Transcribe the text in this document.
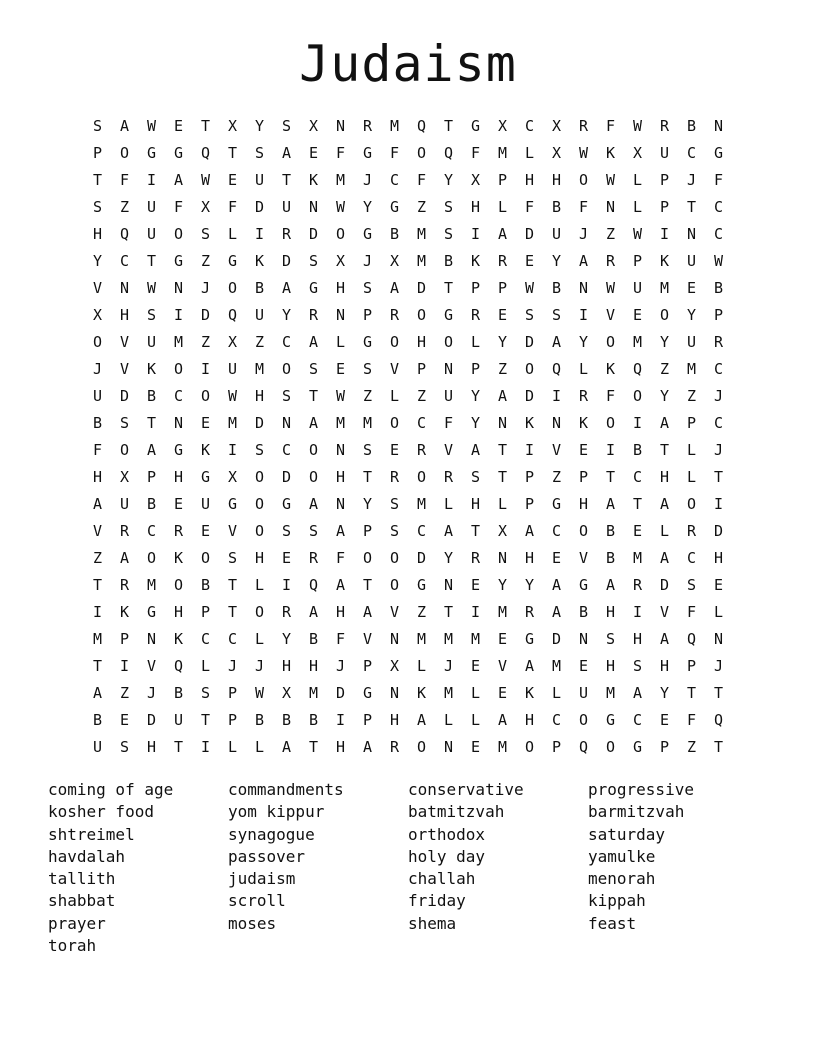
Judaism
S	A	W	E	T	X	Y	S	X	N	R	M	Q	T	G	X	C	X	R	F	W	R	B	N
P	O	G	G	Q	T	S	A	E	F	G	F	O	Q	F	M	L	X	W	K	X	U	C	G
T	F	I	A	W	E	U	T	K	M	J	C	F	Y	X	P	H	H	O	W	L	P	J	F
S	Z	U	F	X	F	D	U	N	W	Y	G	Z	S	H	L	F	B	F	N	L	P	T	C
H	Q	U	O	S	L	I	R	D	O	G	B	M	S	I	A	D	U	J	Z	W	I	N	C
Y	C	T	G	Z	G	K	D	S	X	J	X	M	B	K	R	E	Y	A	R	P	K	U	W
V	N	W	N	J	O	B	A	G	H	S	A	D	T	P	P	W	B	N	W	U	M	E	B
X	H	S	I	D	Q	U	Y	R	N	P	R	O	G	R	E	S	S	I	V	E	O	Y	P
O	V	U	M	Z	X	Z	C	A	L	G	O	H	O	L	Y	D	A	Y	O	M	Y	U	R
J	V	K	O	I	U	M	O	S	E	S	V	P	N	P	Z	O	Q	L	K	Q	Z	M	C
U	D	B	C	O	W	H	S	T	W	Z	L	Z	U	Y	A	D	I	R	F	O	Y	Z	J
B	S	T	N	E	M	D	N	A	M	M	O	C	F	Y	N	K	N	K	O	I	A	P	C
F	O	A	G	K	I	S	C	O	N	S	E	R	V	A	T	I	V	E	I	B	T	L	J
H	X	P	H	G	X	O	D	O	H	T	R	O	R	S	T	P	Z	P	T	C	H	L	T
A	U	B	E	U	G	O	G	A	N	Y	S	M	L	H	L	P	G	H	A	T	A	O	I
V	R	C	R	E	V	O	S	S	A	P	S	C	A	T	X	A	C	O	B	E	L	R	D
Z	A	O	K	O	S	H	E	R	F	O	O	D	Y	R	N	H	E	V	B	M	A	C	H
T	R	M	O	B	T	L	I	Q	A	T	O	G	N	E	Y	Y	A	G	A	R	D	S	E
I	K	G	H	P	T	O	R	A	H	A	V	Z	T	I	M	R	A	B	H	I	V	F	L
M	P	N	K	C	C	L	Y	B	F	V	N	M	M	M	E	G	D	N	S	H	A	Q	N
T	I	V	Q	L	J	J	H	H	J	P	X	L	J	E	V	A	M	E	H	S	H	P	J
A	Z	J	B	S	P	W	X	M	D	G	N	K	M	L	E	K	L	U	M	A	Y	T	T
B	E	D	U	T	P	B	B	B	I	P	H	A	L	L	A	H	C	O	G	C	E	F	Q
U	S	H	T	I	L	L	A	T	H	A	R	O	N	E	M	O	P	Q	O	G	P	Z	T
coming of age
kosher food
shtreimel
havdalah
tallith
shabbat
prayer
torah
commandments
yom kippur
synagogue
passover
judaism
scroll
moses
conservative
batmitzvah
orthodox
holy day
challah
friday
shema
progressive
barmitzvah
saturday
yamulke
menorah
kippah
feast
